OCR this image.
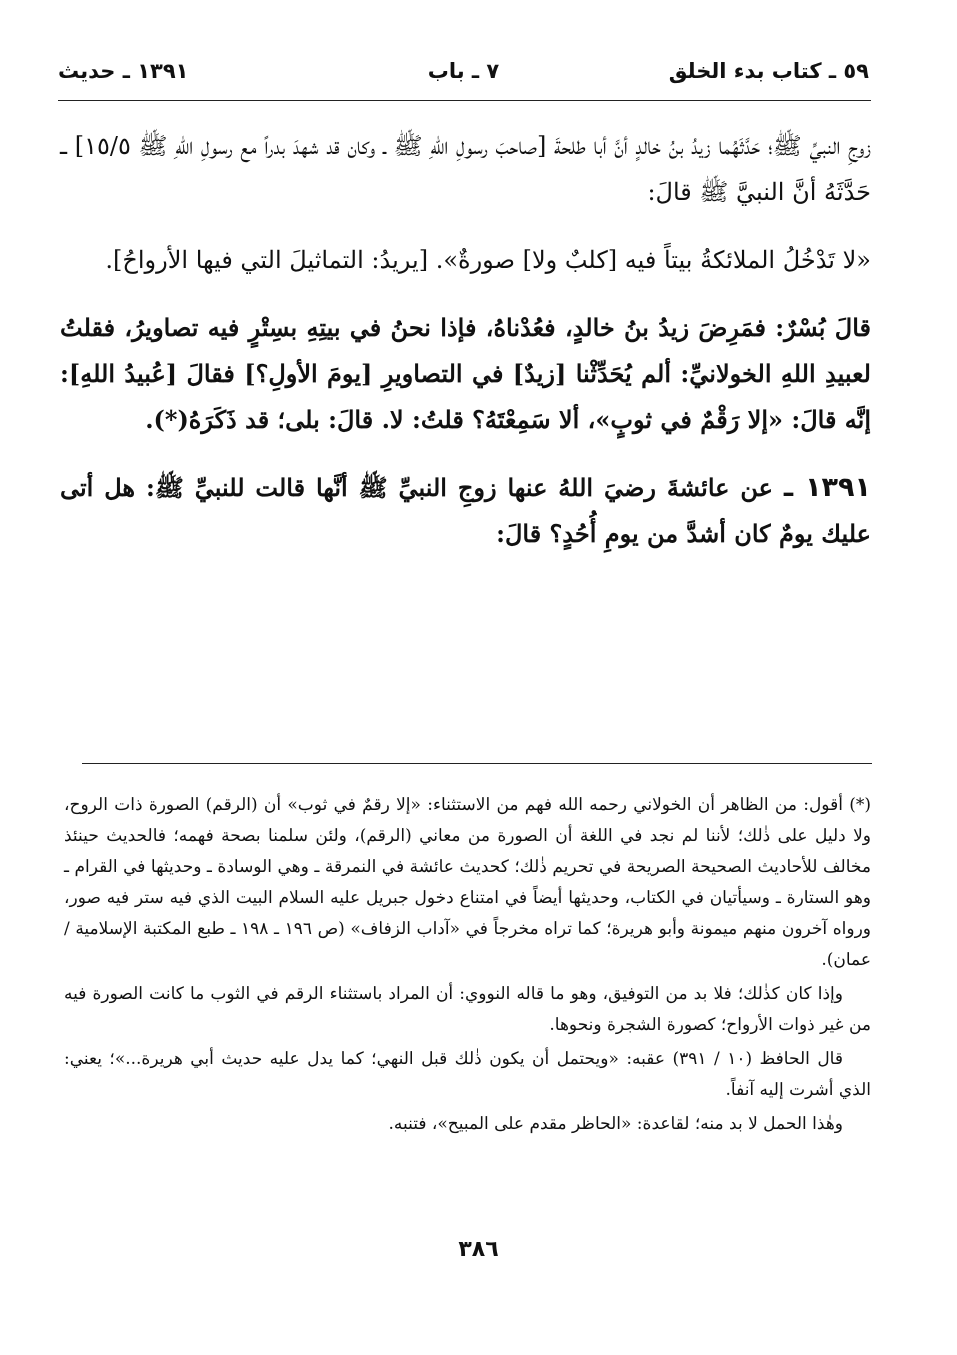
٥٩ ـ كتاب بدء الخلق
٧ ـ باب
١٣٩١ ـ حديث

زوجِ النبيِّ ﷺ؛ حَدَّثَهُما زيدُ بنُ خالدٍ أنَّ أبا طلحةَ [صاحبَ رسولِ اللهِ ﷺ ـ وكان قد شهدَ بدراً مع رسولِ اللهِ ﷺ ١٥/٥] ـ حَدَّثَهُ أنَّ النبيَّ ﷺ قالَ:

«لا تَدْخُلُ الملائكةُ بيتاً فيه [كلبٌ ولا] صورةٌ». [يريدُ: التماثيلَ التي فيها الأرواحُ].

قالَ بُسْرٌ: فمَرِضَ زيدُ بنُ خالدٍ، فعُدْناهُ، فإذا نحنُ في بيتِهِ بسِتْرٍ فيه تصاويرُ، فقلتُ لعبيدِ اللهِ الخولانيِّ: ألم يُحَدِّثْنا [زيدٌ] في التصاويرِ [يومَ الأولِ؟] فقالَ [عُبيدُ اللهِ]: إنَّه قالَ: «إلا رَقْمٌ في ثوبٍ»، ألا سَمِعْتَهُ؟ قلتُ: لا. قالَ: بلى؛ قد ذَكَرَهُ(*).

١٣٩١ ـ عن عائشةَ رضيَ اللهُ عنها زوجِ النبيِّ ﷺ أنَّها قالت للنبيِّ ﷺ: هل أتى عليك يومٌ كان أشدَّ من يومِ أُحُدٍ؟ قالَ:

(*) أقول: من الظاهر أن الخولاني رحمه الله فهم من الاستثناء: «إلا رقمٌ في ثوب» أن (الرقم) الصورة ذات الروح، ولا دليل على ذٰلك؛ لأننا لم نجد في اللغة أن الصورة من معاني (الرقم)، ولئن سلمنا بصحة فهمه؛ فالحديث حينئذ مخالف للأحاديث الصحيحة الصريحة في تحريم ذٰلك؛ كحديث عائشة في النمرقة ـ وهي الوسادة ـ وحديثها في القرام ـ وهو الستارة ـ وسيأتيان في الكتاب، وحديثها أيضاً في امتناع دخول جبريل عليه السلام البيت الذي فيه ستر فيه صور، ورواه آخرون منهم ميمونة وأبو هريرة؛ كما تراه مخرجاً في «آداب الزفاف» (ص ١٩٦ ـ ١٩٨ ـ طبع المكتبة الإسلامية / عمان).

وإذا كان كذٰلك؛ فلا بد من التوفيق، وهو ما قاله النووي: أن المراد باستثناء الرقم في الثوب ما كانت الصورة فيه من غير ذوات الأرواح؛ كصورة الشجرة ونحوها.

قال الحافظ (١٠ / ٣٩١) عقبه: «ويحتمل أن يكون ذٰلك قبل النهي؛ كما يدل عليه حديث أبي هريرة...»؛ يعني: الذي أشرت إليه آنفاً.

وهٰذا الحمل لا بد منه؛ لقاعدة: «الحاظر مقدم على المبيح»، فتنبه.

٣٨٦
